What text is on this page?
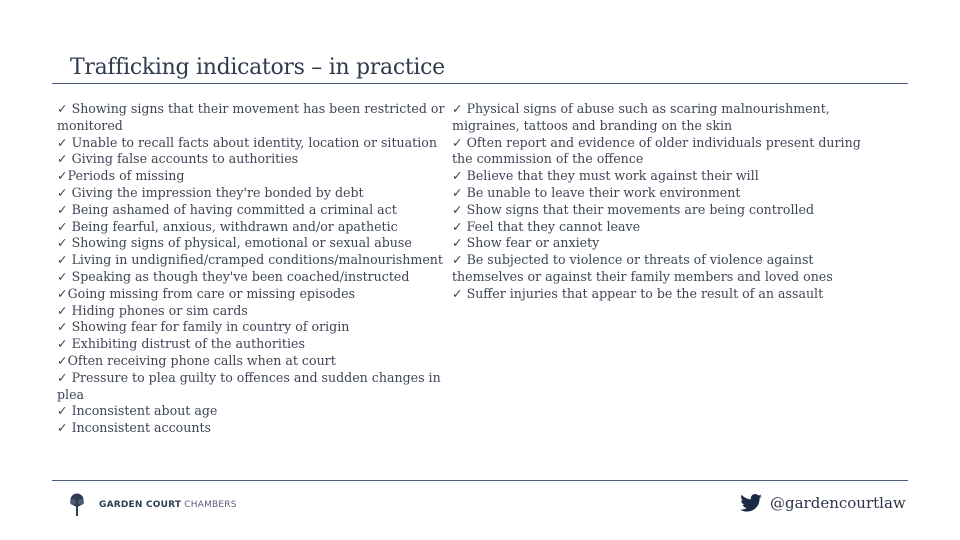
Trafficking indicators – in practice

✓ Showing signs that their movement has been restricted or monitored

✓ Unable to recall facts about identity, location or situation

✓ Giving false accounts to authorities

✓Periods of missing

✓ Giving the impression they're bonded by debt

✓ Being ashamed of having committed a criminal act

✓ Being fearful, anxious, withdrawn and/or apathetic

✓ Showing signs of physical, emotional or sexual abuse

✓ Living in undignified/cramped conditions/malnourishment

✓ Speaking as though they've been coached/instructed

✓Going missing from care or missing episodes

✓ Hiding phones or sim cards

✓ Showing fear for family in country of origin

✓ Exhibiting distrust of the authorities

✓Often receiving phone calls when at court

✓ Pressure to plea guilty to offences and sudden changes in plea

✓ Inconsistent about age

✓ Inconsistent accounts

✓ Physical signs of abuse such as scaring malnourishment, migraines, tattoos and branding on the skin

✓ Often report and evidence of older individuals present during the commission of the offence

✓ Believe that they must work against their will

✓ Be unable to leave their work environment

✓ Show signs that their movements are being controlled

✓ Feel that they cannot leave

✓ Show fear or anxiety

✓ Be subjected to violence or threats of violence against themselves or against their family members and loved ones

✓ Suffer injuries that appear to be the result of an assault

GARDEN COURT CHAMBERS	@gardencourtlaw
